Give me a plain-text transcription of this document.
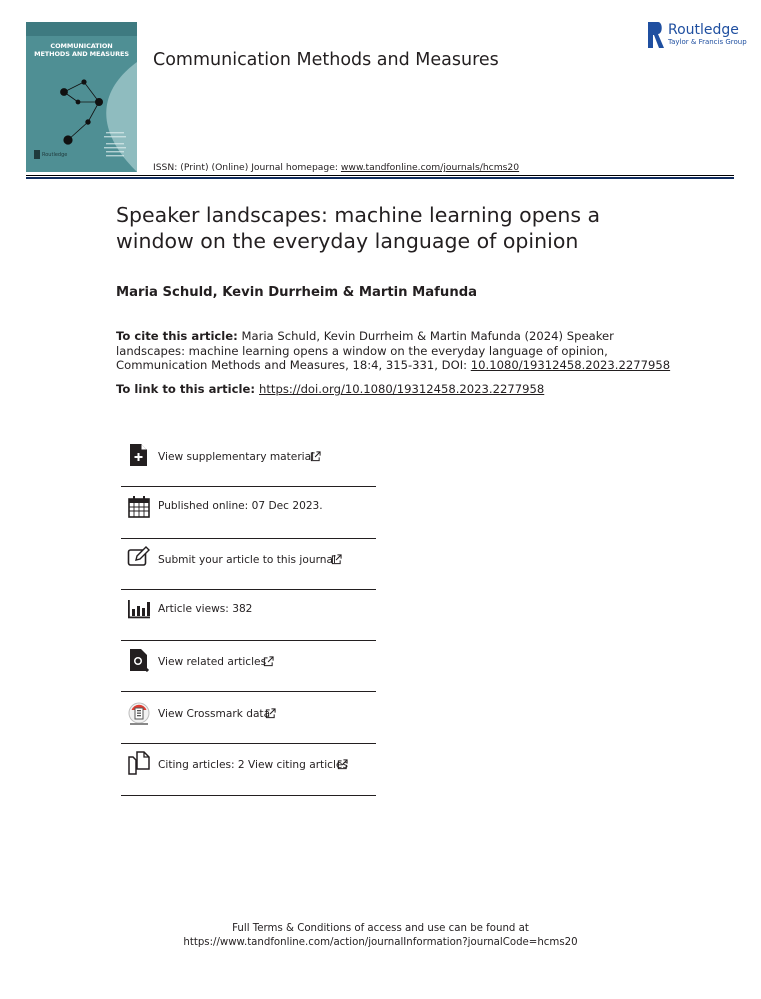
COMMUNICATION
METHODS AND MEASURES
Routledge
Communication Methods and Measures
ISSN: (Print) (Online) Journal homepage: www.tandfonline.com/journals/hcms20
Routledge
Taylor & Francis Group
Speaker landscapes: machine learning opens a window on the everyday language of opinion
Maria Schuld, Kevin Durrheim & Martin Mafunda
To cite this article: Maria Schuld, Kevin Durrheim & Martin Mafunda (2024) Speaker landscapes: machine learning opens a window on the everyday language of opinion, Communication Methods and Measures, 18:4, 315-331, DOI: 10.1080/19312458.2023.2277958
To link to this article: https://doi.org/10.1080/19312458.2023.2277958
View supplementary material
Published online: 07 Dec 2023.
Submit your article to this journal
Article views: 382
View related articles
View Crossmark data
Citing articles: 2 View citing articles
Full Terms & Conditions of access and use can be found at
https://www.tandfonline.com/action/journalInformation?journalCode=hcms20
